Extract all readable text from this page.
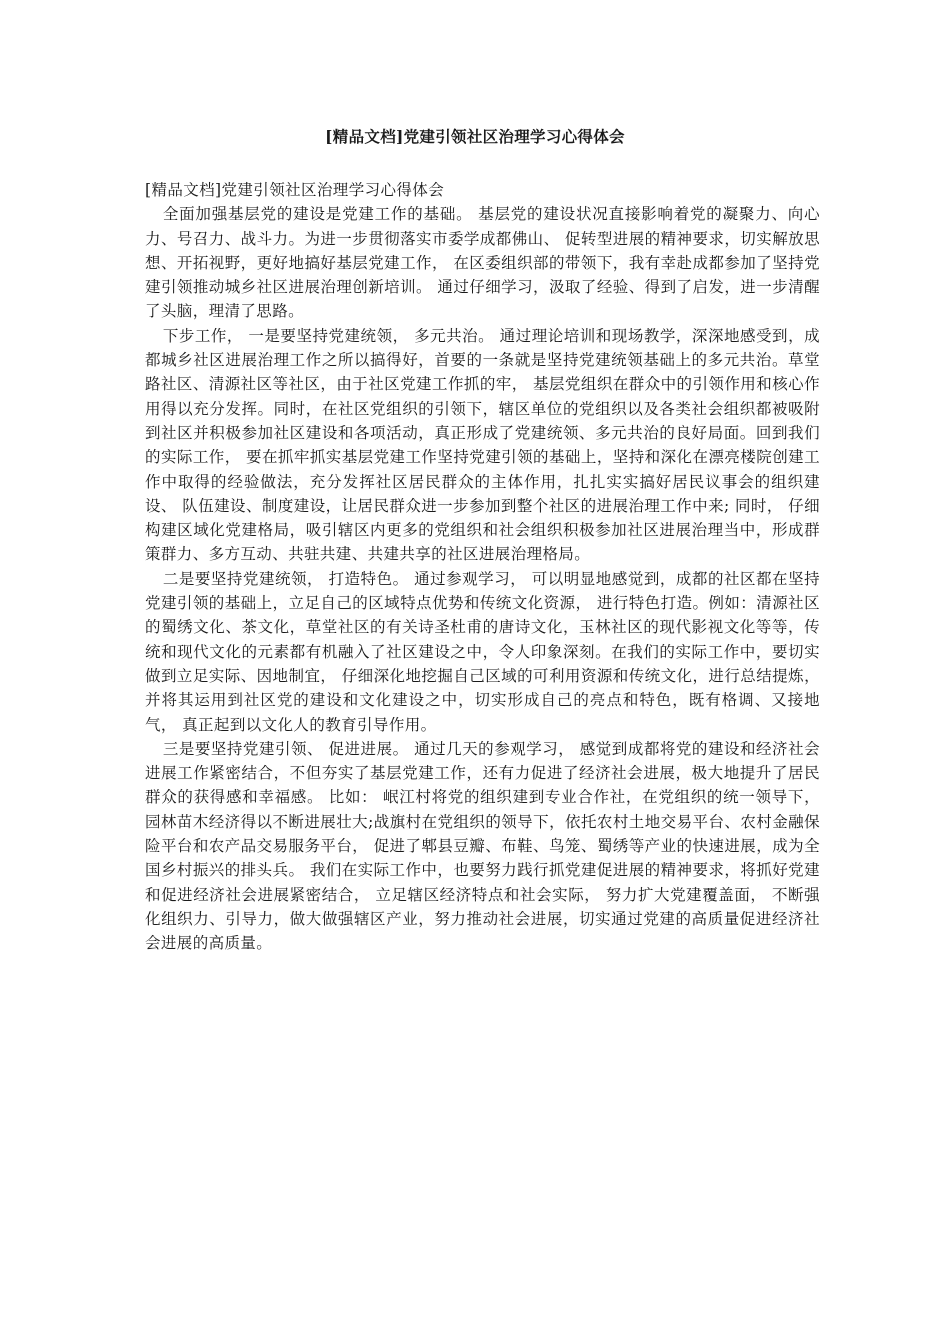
[精品文档]党建引领社区治理学习心得体会

[精品文档]党建引领社区治理学习心得体会

全面加强基层党的建设是党建工作的基础。 基层党的建设状况直接影响着党的凝聚力、向心力、号召力、战斗力。为进一步贯彻落实市委学成都佛山、 促转型进展的精神要求，切实解放思想、开拓视野，更好地搞好基层党建工作， 在区委组织部的带领下，我有幸赴成都参加了坚持党建引领推动城乡社区进展治理创新培训。 通过仔细学习，汲取了经验、得到了启发，进一步清醒了头脑，理清了思路。

下步工作， 一是要坚持党建统领， 多元共治。 通过理论培训和现场教学，深深地感受到，成都城乡社区进展治理工作之所以搞得好，首要的一条就是坚持党建统领基础上的多元共治。草堂路社区、清源社区等社区，由于社区党建工作抓的牢， 基层党组织在群众中的引领作用和核心作用得以充分发挥。同时，在社区党组织的引领下，辖区单位的党组织以及各类社会组织都被吸附到社区并积极参加社区建设和各项活动，真正形成了党建统领、多元共治的良好局面。回到我们的实际工作， 要在抓牢抓实基层党建工作坚持党建引领的基础上，坚持和深化在漂亮楼院创建工作中取得的经验做法，充分发挥社区居民群众的主体作用，扎扎实实搞好居民议事会的组织建设、 队伍建设、制度建设，让居民群众进一步参加到整个社区的进展治理工作中来; 同时， 仔细构建区域化党建格局，吸引辖区内更多的党组织和社会组织积极参加社区进展治理当中，形成群策群力、多方互动、共驻共建、共建共享的社区进展治理格局。

二是要坚持党建统领， 打造特色。 通过参观学习， 可以明显地感觉到，成都的社区都在坚持党建引领的基础上，立足自己的区域特点优势和传统文化资源， 进行特色打造。例如：清源社区的蜀绣文化、茶文化，草堂社区的有关诗圣杜甫的唐诗文化，玉林社区的现代影视文化等等，传统和现代文化的元素都有机融入了社区建设之中，令人印象深刻。在我们的实际工作中，要切实做到立足实际、因地制宜， 仔细深化地挖掘自己区域的可利用资源和传统文化，进行总结提炼，并将其运用到社区党的建设和文化建设之中，切实形成自己的亮点和特色，既有格调、又接地气， 真正起到以文化人的教育引导作用。

三是要坚持党建引领、 促进进展。 通过几天的参观学习， 感觉到成都将党的建设和经济社会进展工作紧密结合，不但夯实了基层党建工作，还有力促进了经济社会进展，极大地提升了居民群众的获得感和幸福感。 比如： 岷江村将党的组织建到专业合作社，在党组织的统一领导下，园林苗木经济得以不断进展壮大;战旗村在党组织的领导下，依托农村土地交易平台、农村金融保险平台和农产品交易服务平台， 促进了郫县豆瓣、布鞋、鸟笼、蜀绣等产业的快速进展，成为全国乡村振兴的排头兵。 我们在实际工作中，也要努力践行抓党建促进展的精神要求，将抓好党建和促进经济社会进展紧密结合， 立足辖区经济特点和社会实际， 努力扩大党建覆盖面， 不断强化组织力、引导力，做大做强辖区产业，努力推动社会进展，切实通过党建的高质量促进经济社会进展的高质量。
